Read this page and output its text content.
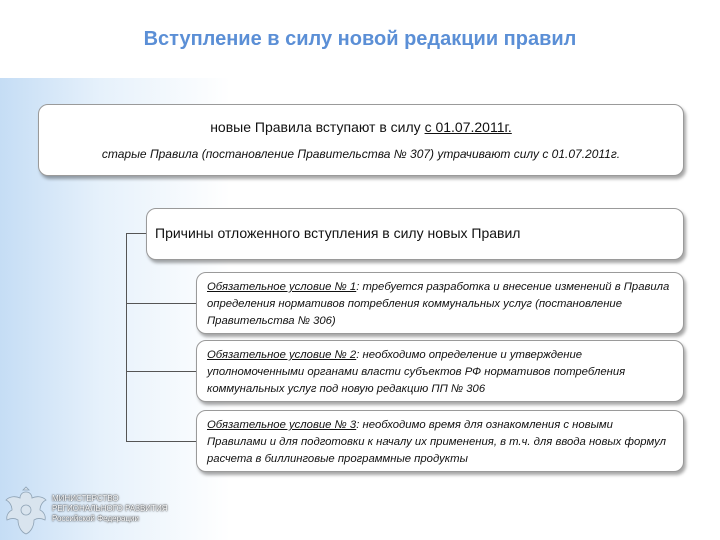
Вступление в силу новой редакции правил
новые Правила вступают в силу с 01.07.2011г.
старые Правила (постановление Правительства № 307) утрачивают силу с 01.07.2011г.
Причины отложенного вступления в силу новых Правил
Обязательное условие № 1: требуется разработка и внесение изменений в Правила определения нормативов потребления коммунальных услуг (постановление Правительства № 306)
Обязательное условие № 2: необходимо определение и утверждение уполномоченными органами власти субъектов РФ нормативов потребления коммунальных услуг под новую редакцию ПП № 306
Обязательное условие № 3: необходимо время для ознакомления с новыми Правилами и для подготовки к началу их применения, в т.ч. для ввода новых формул расчета в биллинговые программные продукты
МИНИСТЕРСТВО
РЕГИОНАЛЬНОГО РАЗВИТИЯ
Российской Федерации
